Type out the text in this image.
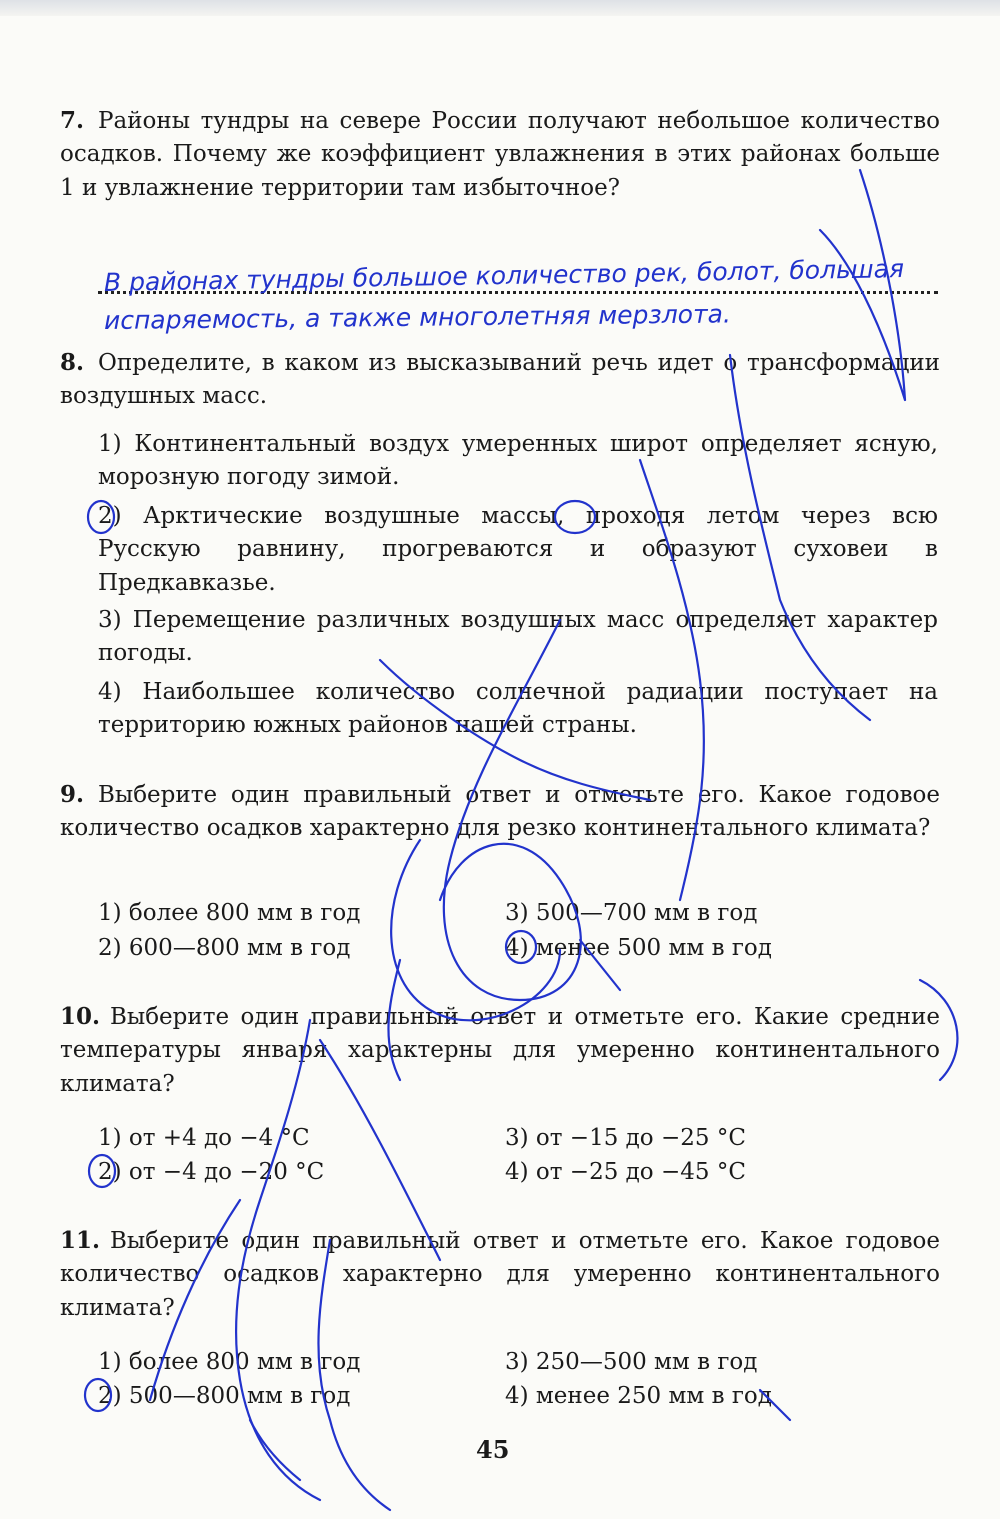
7. Районы тундры на севере России получают небольшое количество осадков. Почему же коэффициент увлажнения в этих районах больше 1 и увлажнение территории там избыточное?
В районах тундры большое количество рек, болот, большая
испаряемость, а также многолетняя мерзлота.
8. Определите, в каком из высказываний речь идет о трансформации воздушных масс.
1) Континентальный воздух умеренных широт определяет ясную, морозную погоду зимой.
2) Арктические воздушные массы, проходя летом через всю Русскую равнину, прогреваются и образуют суховеи в Предкавказье.
3) Перемещение различных воздушных масс определяет характер погоды.
4) Наибольшее количество солнечной радиации поступает на территорию южных районов нашей страны.
9. Выберите один правильный ответ и отметьте его. Какое годовое количество осадков характерно для резко континентального климата?
1) более 800 мм в год	3) 500—700 мм в год
2) 600—800 мм в год	4) менее 500 мм в год
10. Выберите один правильный ответ и отметьте его. Какие средние температуры января характерны для умеренно континентального климата?
1) от +4 до −4 °С	3) от −15 до −25 °С
2) от −4 до −20 °С	4) от −25 до −45 °С
11. Выберите один правильный ответ и отметьте его. Какое годовое количество осадков характерно для умеренно континентального климата?
1) более 800 мм в год	3) 250—500 мм в год
2) 500—800 мм в год	4) менее 250 мм в год
45
